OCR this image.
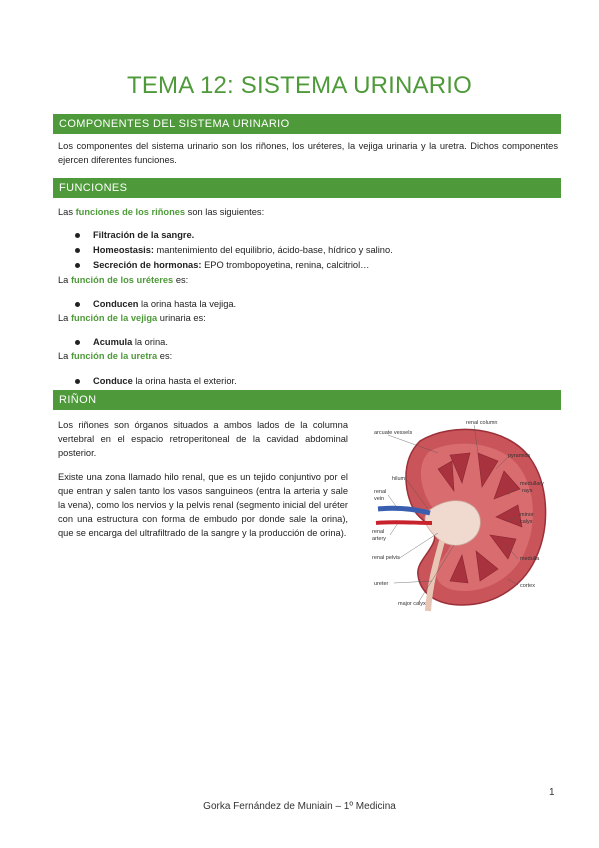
TEMA 12: SISTEMA URINARIO
COMPONENTES DEL SISTEMA URINARIO

Los componentes del sistema urinario son los riñones, los uréteres, la vejiga urinaria y la uretra. Dichos componentes ejercen diferentes funciones.

FUNCIONES
Las funciones de los riñones son las siguientes:
Filtración de la sangre.
Homeostasis: mantenimiento del equilibrio, ácido-base, hídrico y salino.
Secreción de hormonas: EPO trombopoyetina, renina, calcitriol…
La función de los uréteres es:
Conducen la orina hasta la vejiga.
La función de la vejiga urinaria es:
Acumula la orina.
La función de la uretra es:
Conduce la orina hasta el exterior.
RIÑON

Los riñones son órganos situados a ambos lados de la columna vertebral en el espacio retroperitoneal de la cavidad abdominal posterior.

Existe una zona llamado hilo renal, que es un tejido conjuntivo por el que entran y salen tanto los vasos sanguineos (entra la arteria y sale la vena), como los nervios y la pelvis renal (segmento inicial del uréter con una estructura con forma de embudo por donde sale la orina), que se encarga del ultrafiltrado de la sangre y la producción de orina).

renal column
arcuate vessels
pyramids
hilum
renal
vein
medullary
rays
minor
calyx
renal
artery
renal pelvis	medulla
ureter	cortex
major calyx
1
Gorka Fernández de Muniain – 1º Medicina
